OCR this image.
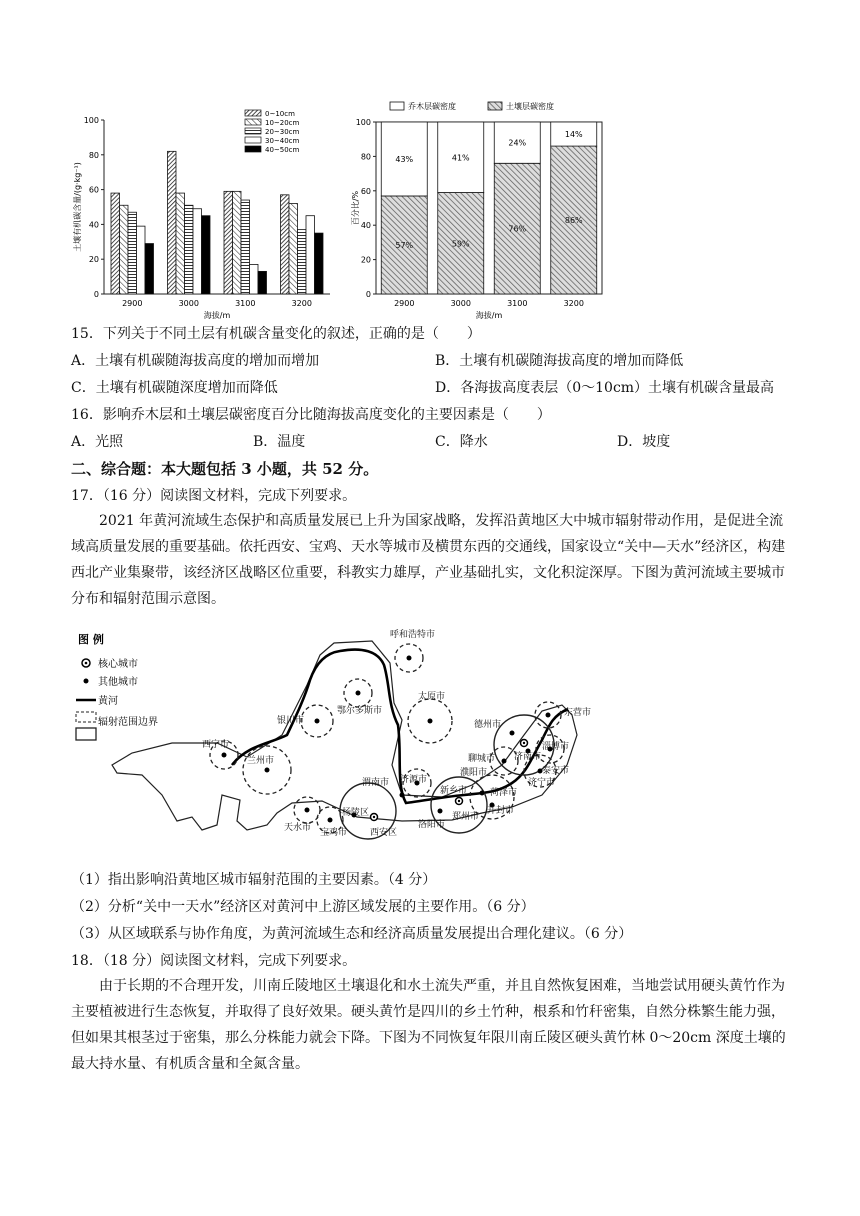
0
20
40
60
80
100
2900	3000	3100	3200
海拔/m
土壤有机碳含量/(g·kg⁻¹)
0~10cm
10~20cm
20~30cm
30~40cm
40~50cm
0
20
40
60
80
100
57%
43%
2900
59%
41%
3000
76%
24%
3100
86%
14%
3200
海拔/m
百分比/%
乔木层碳密度	土壤层碳密度
15．下列关于不同土层有机碳含量变化的叙述，正确的是（　　）
A．土壤有机碳随海拔高度的增加而增加	B．土壤有机碳随海拔高度的增加而降低
C．土壤有机碳随深度增加而降低	D．各海拔高度表层（0～10cm）土壤有机碳含量最高
16．影响乔木层和土壤层碳密度百分比随海拔高度变化的主要因素是（　　）
A．光照	B．温度	C．降水	D．坡度
二、综合题：本大题包括 3 小题，共 52 分。
17．（16 分）阅读图文材料，完成下列要求。
2021 年黄河流域生态保护和高质量发展已上升为国家战略，发挥沿黄地区大中城市辐射带动作用，是促进全流域高质量发展的重要基础。依托西安、宝鸡、天水等城市及横贯东西的交通线，国家设立“关中—天水”经济区，构建西北产业集聚带，该经济区战略区位重要，科教实力雄厚，产业基础扎实，文化积淀深厚。下图为黄河流域主要城市分布和辐射范围示意图。
呼和浩特市
鄂尔多斯市
太原市
银川市
西宁市
兰州市
天水市 宝鸡市
杨陵区
西安区
渭南市 济源市
洛阳市
郑州市
新乡市
开封市
菏泽市
濮阳市
聊城市
德州市
济南市
淄博市
东营市
泰安市
济宁市
图 例
核心城市
其他城市
黄河
辐射范围边界
（1）指出影响沿黄地区城市辐射范围的主要因素。（4 分）
（2）分析“关中一天水”经济区对黄河中上游区域发展的主要作用。（6 分）
（3）从区域联系与协作角度，为黄河流域生态和经济高质量发展提出合理化建议。（6 分）
18．（18 分）阅读图文材料，完成下列要求。
由于长期的不合理开发，川南丘陵地区土壤退化和水土流失严重，并且自然恢复困难，当地尝试用硬头黄竹作为主要植被进行生态恢复，并取得了良好效果。硬头黄竹是四川的乡土竹种，根系和竹秆密集，自然分株繁生能力强，但如果其根茎过于密集，那么分株能力就会下降。下图为不同恢复年限川南丘陵区硬头黄竹林 0～20cm 深度土壤的最大持水量、有机质含量和全氮含量。
